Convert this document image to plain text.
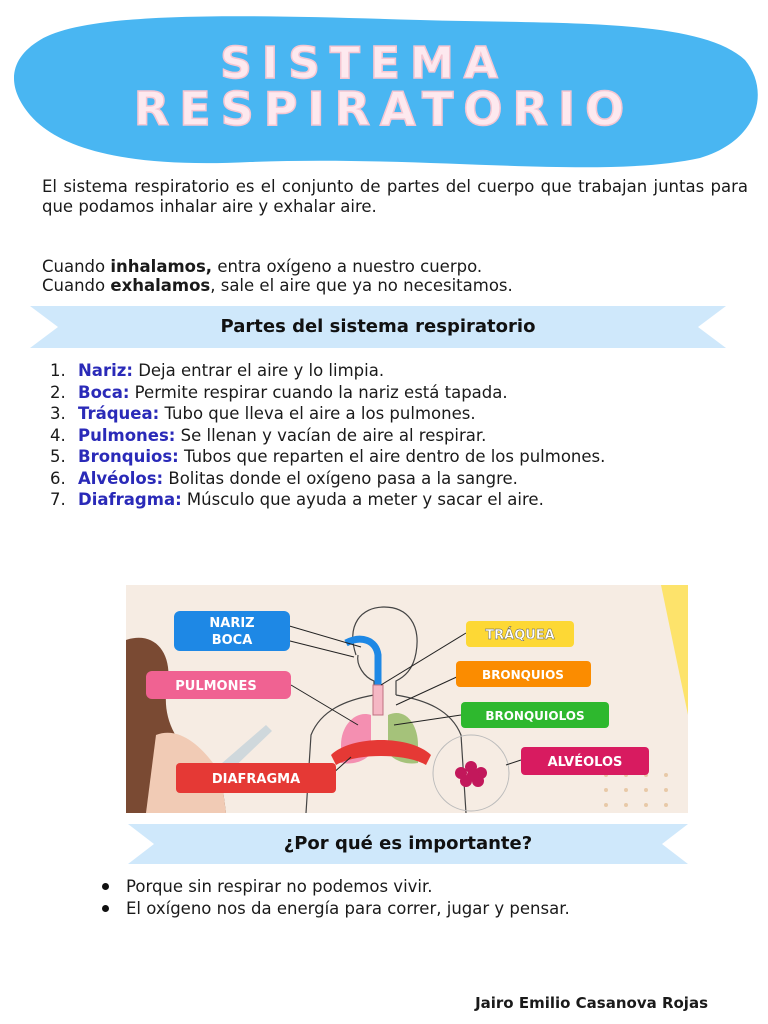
SISTEMA
RESPIRATORIO
El sistema respiratorio es el conjunto de partes del cuerpo que trabajan juntas para que podamos inhalar aire y exhalar aire.
Cuando inhalamos, entra oxígeno a nuestro cuerpo.
Cuando exhalamos, sale el aire que ya no necesitamos.
Partes del sistema respiratorio
1. Nariz: Deja entrar el aire y lo limpia.
2. Boca: Permite respirar cuando la nariz está tapada.
3. Tráquea: Tubo que lleva el aire a los pulmones.
4. Pulmones: Se llenan y vacían de aire al respirar.
5. Bronquios: Tubos que reparten el aire dentro de los pulmones.
6. Alvéolos: Bolitas donde el oxígeno pasa a la sangre.
7. Diafragma: Músculo que ayuda a meter y sacar el aire.
NARIZ
BOCA
PULMONES
DIAFRAGMA
TRÁQUEA
BRONQUIOS
BRONQUIOLOS
ALVÉOLOS
¿Por qué es importante?
Porque sin respirar no podemos vivir.
El oxígeno nos da energía para correr, jugar y pensar.
Jairo Emilio Casanova Rojas
